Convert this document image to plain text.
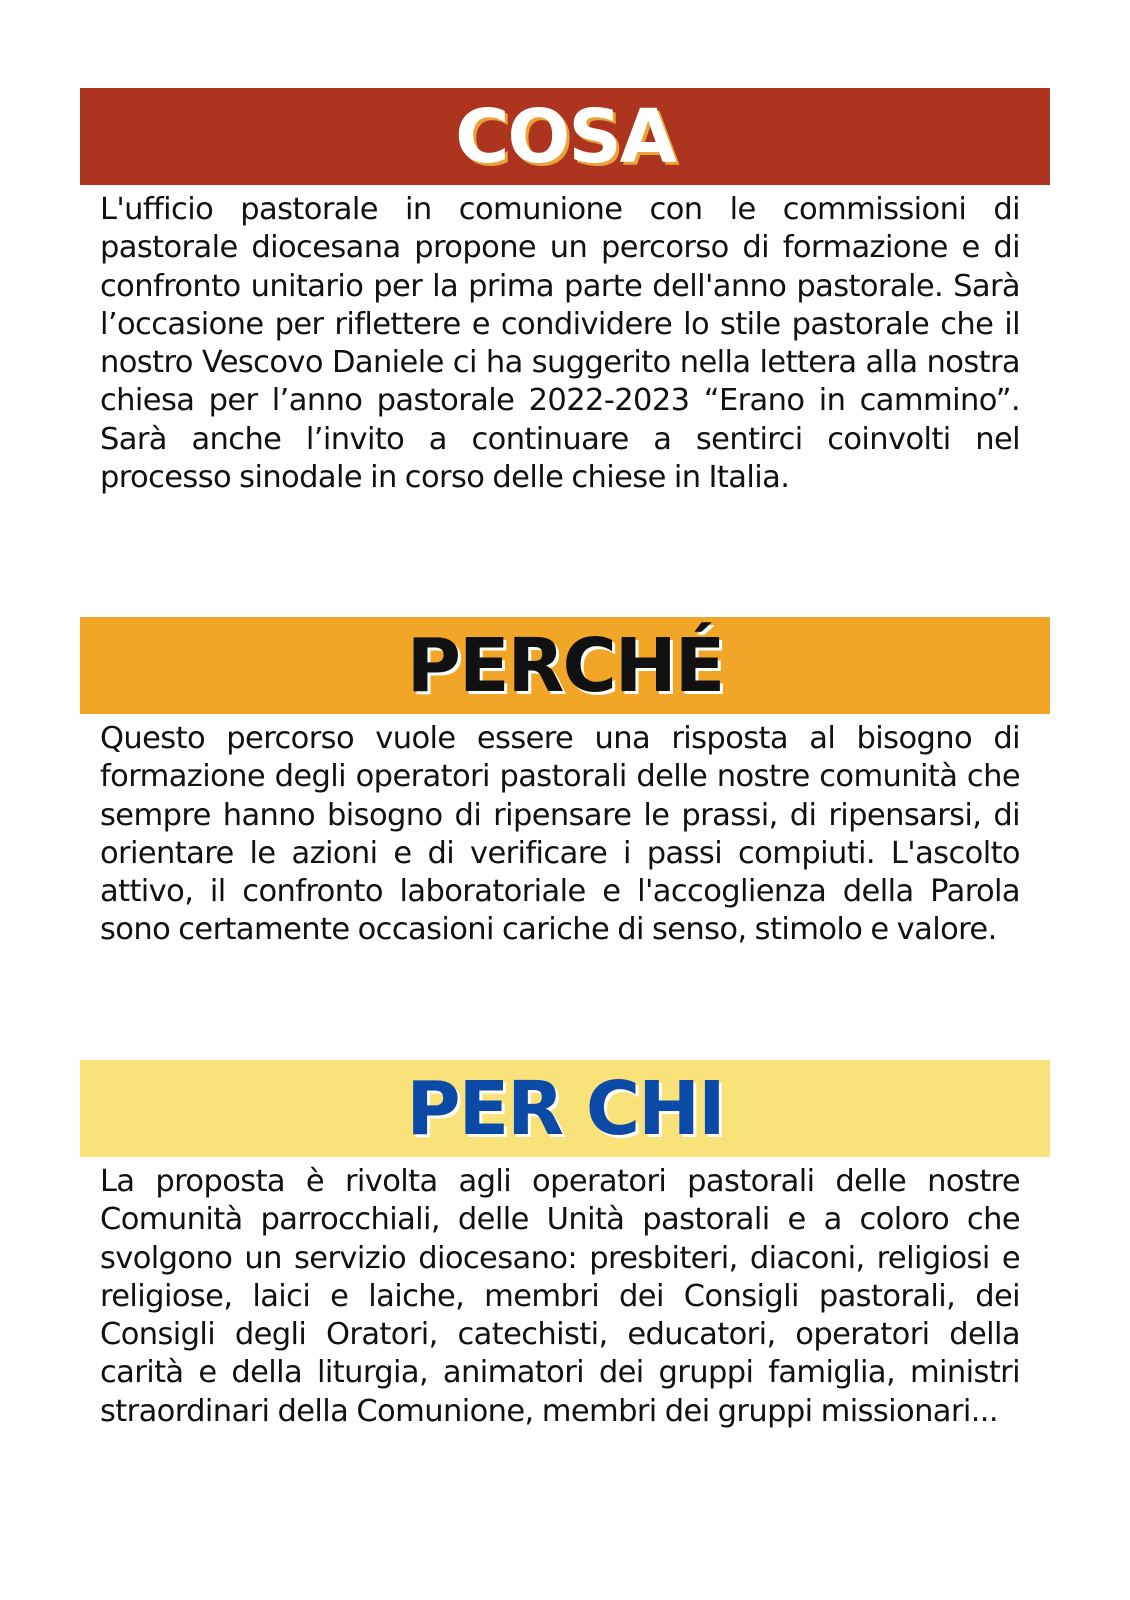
COSA
L'ufficio pastorale in comunione con le commissioni di pastorale diocesana propone un percorso di formazione e di confronto unitario per la prima parte dell'anno pastorale. Sarà l’occasione per riflettere e condividere lo stile pastorale che il nostro Vescovo Daniele ci ha suggerito nella lettera alla nostra chiesa per l’anno pastorale 2022-2023 “Erano in cammino”. Sarà anche l’invito a continuare a sentirci coinvolti nel processo sinodale in corso delle chiese in Italia.
PERCHÉ
Questo percorso vuole essere una risposta al bisogno di formazione degli operatori pastorali delle nostre comunità che sempre hanno bisogno di ripensare le prassi, di ripensarsi, di orientare le azioni e di verificare i passi compiuti. L'ascolto attivo, il confronto laboratoriale e l'accoglienza della Parola sono certamente occasioni cariche di senso, stimolo e valore.
PER CHI
La proposta è rivolta agli operatori pastorali delle nostre Comunità parrocchiali, delle Unità pastorali e a coloro che svolgono un servizio diocesano: presbiteri, diaconi, religiosi e religiose, laici e laiche, membri dei Consigli pastorali, dei Consigli degli Oratori, catechisti, educatori, operatori della carità e della liturgia, animatori dei gruppi famiglia, ministri straordinari della Comunione, membri dei gruppi missionari...
